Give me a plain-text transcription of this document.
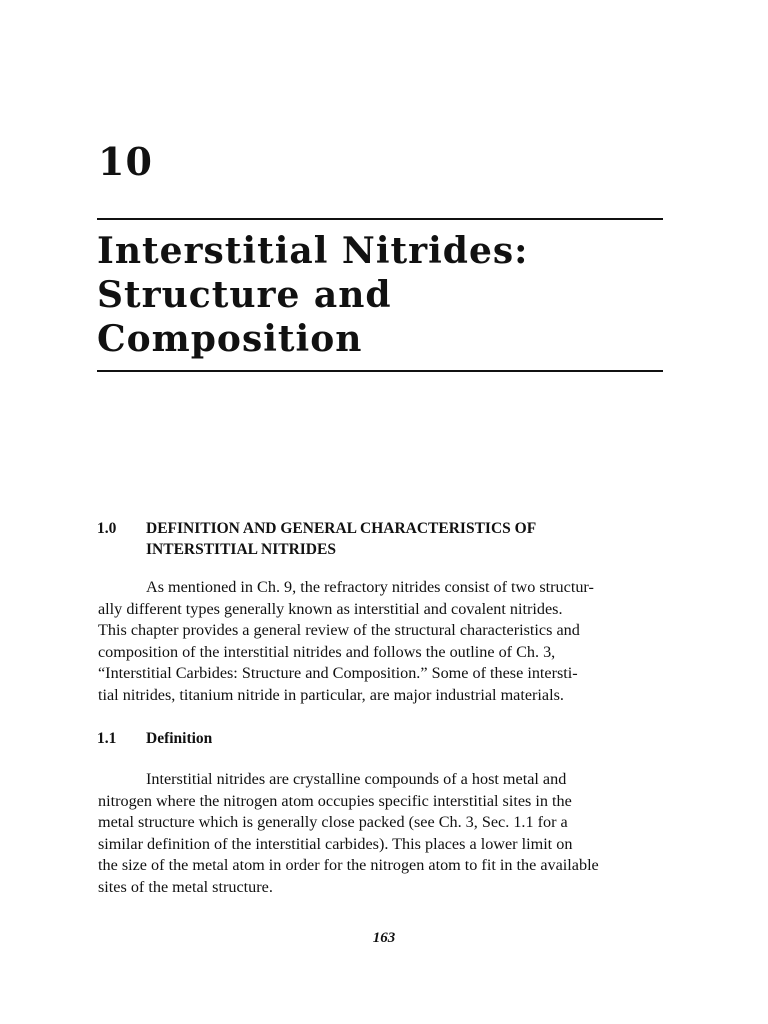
10
Interstitial Nitrides:
Structure and
Composition
1.0 DEFINITION AND GENERAL CHARACTERISTICS OF
INTERSTITIAL NITRIDES
As mentioned in Ch. 9, the refractory nitrides consist of two structur-
ally different types generally known as interstitial and covalent nitrides.
This chapter provides a general review of the structural characteristics and
composition of the interstitial nitrides and follows the outline of Ch. 3,
“Interstitial Carbides: Structure and Composition.” Some of these intersti-
tial nitrides, titanium nitride in particular, are major industrial materials.
1.1 Definition
Interstitial nitrides are crystalline compounds of a host metal and
nitrogen where the nitrogen atom occupies specific interstitial sites in the
metal structure which is generally close packed (see Ch. 3, Sec. 1.1 for a
similar definition of the interstitial carbides). This places a lower limit on
the size of the metal atom in order for the nitrogen atom to fit in the available
sites of the metal structure.
163
